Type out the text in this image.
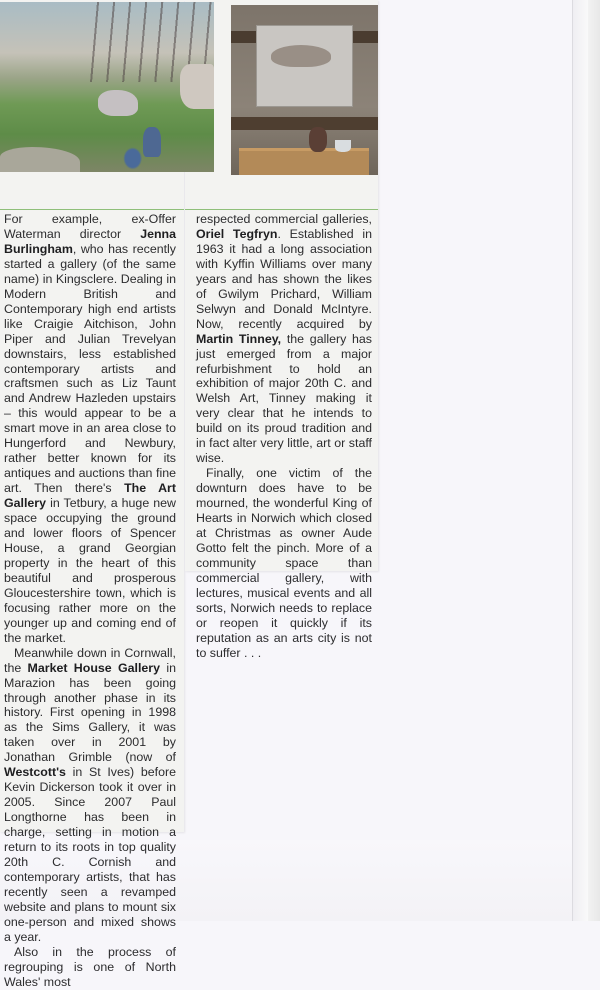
For example, ex-Offer Waterman director Jenna Burlingham, who has recently started a gallery (of the same name) in Kingsclere. Dealing in Modern British and Contemporary high end artists like Craigie Aitchison, John Piper and Julian Trevelyan downstairs, less established contemporary artists and craftsmen such as Liz Taunt and Andrew Hazleden upstairs – this would appear to be a smart move in an area close to Hungerford and Newbury, rather better known for its antiques and auctions than fine art. Then there's The Art Gallery in Tetbury, a huge new space occupying the ground and lower floors of Spencer House, a grand Georgian property in the heart of this beautiful and prosperous Gloucestershire town, which is focusing rather more on the younger up and coming end of the market.

Meanwhile down in Cornwall, the Market House Gallery in Marazion has been going through another phase in its history. First opening in 1998 as the Sims Gallery, it was taken over in 2001 by Jonathan Grimble (now of Westcott's in St Ives) before Kevin Dickerson took it over in 2005. Since 2007 Paul Longthorne has been in charge, setting in motion a return to its roots in top quality 20th C. Cornish and contemporary artists, that has recently seen a revamped website and plans to mount six one-person and mixed shows a year.

Also in the process of regrouping is one of North Wales' most

respected commercial galleries, Oriel Tegfryn. Established in 1963 it had a long association with Kyffin Williams over many years and has shown the likes of Gwilym Prichard, William Selwyn and Donald McIntyre. Now, recently acquired by Martin Tinney, the gallery has just emerged from a major refurbishment to hold an exhibition of major 20th C. and Welsh Art, Tinney making it very clear that he intends to build on its proud tradition and in fact alter very little, art or staff wise.

Finally, one victim of the downturn does have to be mourned, the wonderful King of Hearts in Norwich which closed at Christmas as owner Aude Gotto felt the pinch. More of a community space than commercial gallery, with lectures, musical events and all sorts, Norwich needs to replace or reopen it quickly if its reputation as an arts city is not to suffer . . .
